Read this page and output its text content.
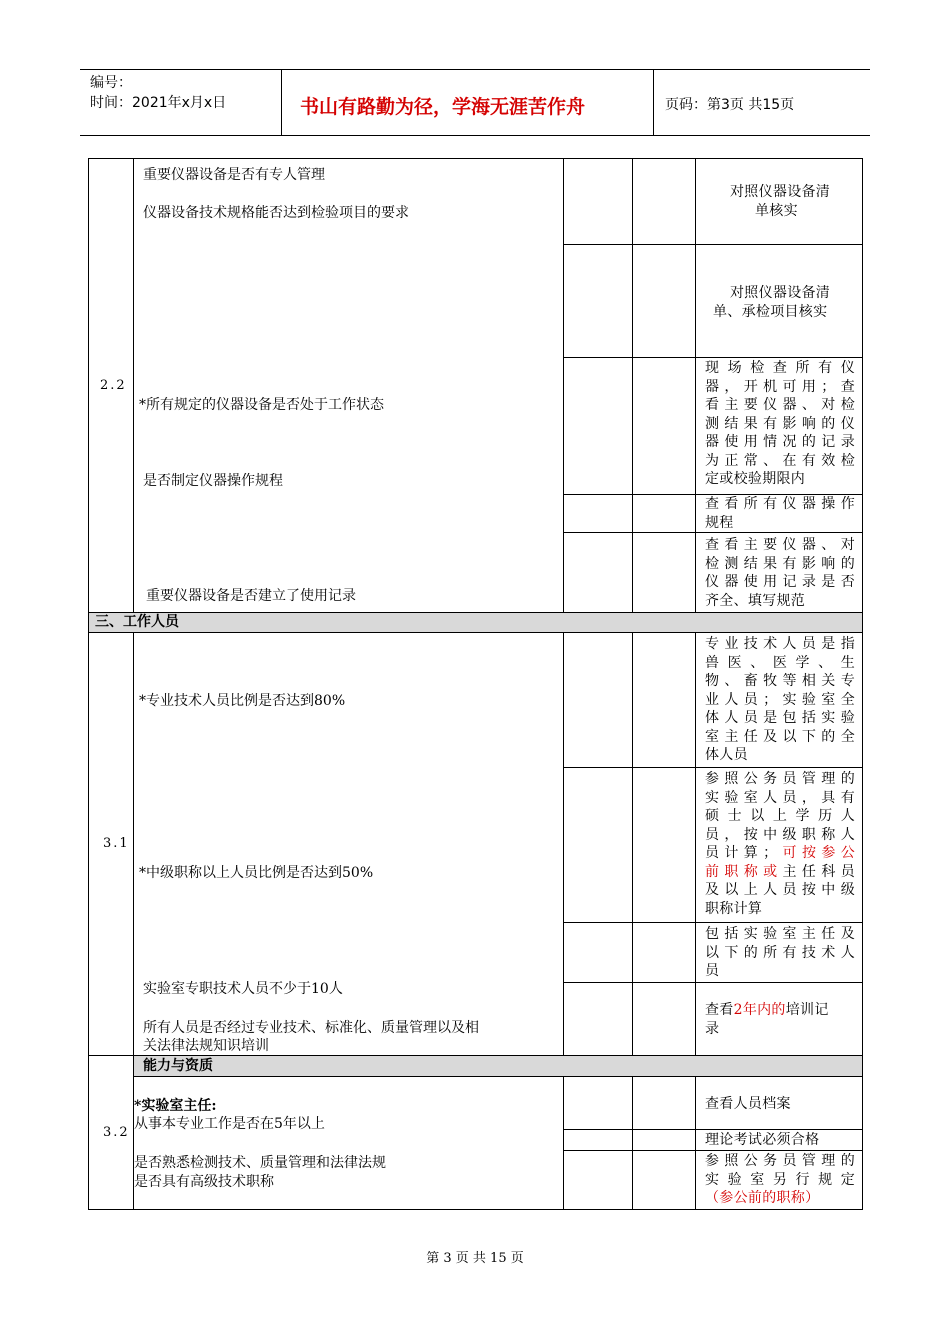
编号：
时间：2021年x月x日	书山有路勤为径，学海无涯苦作舟	页码：第3页 共15页
2.2
重要仪器设备是否有专人管理
仪器设备技术规格能否达到检验项目的要求
*所有规定的仪器设备是否处于工作状态
是否制定仪器操作规程
重要仪器设备是否建立了使用记录
对照仪器设备清
单核实
对照仪器设备清
单、承检项目核实
现场检查所有仪
器，开机可用；查
看主要仪器、对检
测结果有影响的仪
器使用情况的记录
为正常、在有效检
定或校验期限内
查看所有仪器操作
规程
查看主要仪器、对
检测结果有影响的
仪器使用记录是否
齐全、填写规范
三、工作人员
3.1
*专业技术人员比例是否达到80%
*中级职称以上人员比例是否达到50%
实验室专职技术人员不少于10人
所有人员是否经过专业技术、标准化、质量管理以及相
关法律法规知识培训
专业技术人员是指
兽医、医学、生
物、畜牧等相关专
业人员；实验室全
体人员是包括实验
室主任及以下的全
体人员
参照公务员管理的
实验室人员，具有
硕士以上学历人
员，按中级职称人
员计算；可按参公
前职称或主任科员
及以上人员按中级
职称计算
包括实验室主任及
以下的所有技术人
员
查看2年内的培训记
录
能力与资质
3.2
*实验室主任:
从事本专业工作是否在5年以上
是否熟悉检测技术、质量管理和法律法规
是否具有高级技术职称
查看人员档案
理论考试必须合格
参照公务员管理的
实验室另行规定
（参公前的职称）
第 3 页 共 15 页
